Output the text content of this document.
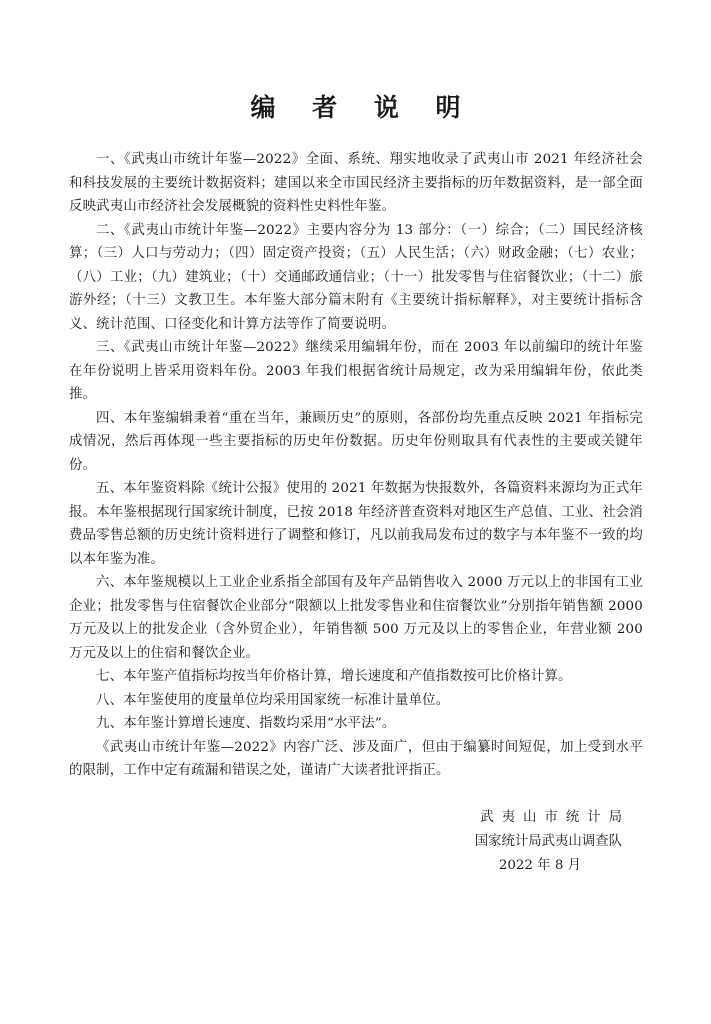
编 者 说 明

一、《武夷山市统计年鉴—2022》全面、系统、翔实地收录了武夷山市 2021 年经济社会和科技发展的主要统计数据资料；建国以来全市国民经济主要指标的历年数据资料，是一部全面反映武夷山市经济社会发展概貌的资料性史料性年鉴。

二、《武夷山市统计年鉴—2022》主要内容分为 13 部分：（一）综合；（二）国民经济核算；（三）人口与劳动力；（四）固定资产投资；（五）人民生活；（六）财政金融；（七）农业；（八）工业；（九）建筑业；（十）交通邮政通信业；（十一）批发零售与住宿餐饮业；（十二）旅游外经；（十三）文教卫生。本年鉴大部分篇末附有《主要统计指标解释》，对主要统计指标含义、统计范围、口径变化和计算方法等作了简要说明。

三、《武夷山市统计年鉴—2022》继续采用编辑年份，而在 2003 年以前编印的统计年鉴在年份说明上皆采用资料年份。2003 年我们根据省统计局规定，改为采用编辑年份，依此类推。

四、本年鉴编辑秉着“重在当年，兼顾历史”的原则，各部份均先重点反映 2021 年指标完成情况，然后再体现一些主要指标的历史年份数据。历史年份则取具有代表性的主要或关键年份。

五、本年鉴资料除《统计公报》使用的 2021 年数据为快报数外，各篇资料来源均为正式年报。本年鉴根据现行国家统计制度，已按 2018 年经济普查资料对地区生产总值、工业、社会消费品零售总额的历史统计资料进行了调整和修订，凡以前我局发布过的数字与本年鉴不一致的均以本年鉴为准。

六、本年鉴规模以上工业企业系指全部国有及年产品销售收入 2000 万元以上的非国有工业企业；批发零售与住宿餐饮企业部分“限额以上批发零售业和住宿餐饮业”分别指年销售额 2000 万元及以上的批发企业（含外贸企业），年销售额 500 万元及以上的零售企业，年营业额 200 万元及以上的住宿和餐饮企业。

七、本年鉴产值指标均按当年价格计算，增长速度和产值指数按可比价格计算。

八、本年鉴使用的度量单位均采用国家统一标准计量单位。

九、本年鉴计算增长速度、指数均采用“水平法”。

《武夷山市统计年鉴—2022》内容广泛、涉及面广，但由于编纂时间短促，加上受到水平的限制，工作中定有疏漏和错误之处，谨请广大读者批评指正。

武夷山市统计局

国家统计局武夷山调查队

2022 年 8 月
